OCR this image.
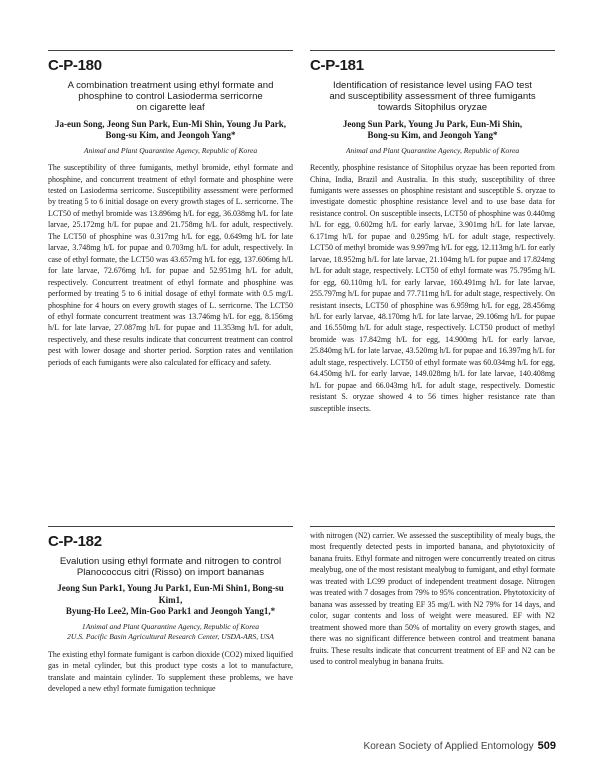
C-P-180
A combination treatment using ethyl formate and
phosphine to control Lasioderma serricorne
on cigarette leaf
Ja-eun Song, Jeong Sun Park, Eun-Mi Shin, Young Ju Park,
Bong-su Kim, and Jeongoh Yang*
Animal and Plant Quarantine Agency, Republic of Korea

The susceptibility of three fumigants, methyl bromide, ethyl formate and phosphine, and concurrent treatment of ethyl formate and phosphine were tested on Lasioderma serricorne. Susceptibility assessment were performed by treating 5 to 6 initial dosage on every growth stages of L. serricorne. The LCT50 of methyl bromide was 13.896mg h/L for egg, 36.038mg h/L for late larvae, 25.172mg h/L for pupae and 21.758mg h/L for adult, respectively. The LCT50 of phosphine was 0.317mg h/L for egg, 0.649mg h/L for late larvae, 3.748mg h/L for pupae and 0.703mg h/L for adult, respectively. In case of ethyl formate, the LCT50 was 43.657mg h/L for egg, 137.606mg h/L for late larvae, 72.676mg h/L for pupae and 52.951mg h/L for adult, respectively. Concurrent treatment of ethyl formate and phosphine was performed by treating 5 to 6 initial dosage of ethyl formate with 0.5 mg/L phosphine for 4 hours on every growth stages of L. serricorne. The LCT50 of ethyl formate concurrent treatment was 13.746mg h/L for egg, 8.156mg h/L for late larvae, 27.087mg h/L for pupae and 11.353mg h/L for adult, respectively, and these results indicate that concurrent treatment can control pest with lower dosage and shorter period. Sorption rates and ventilation periods of each fumigants were also calculated for efficacy and safety.

C-P-181
Identification of resistance level using FAO test
and susceptibility assessment of three fumigants
towards Sitophilus oryzae
Jeong Sun Park, Young Ju Park, Eun-Mi Shin,
Bong-su Kim, and Jeongoh Yang*
Animal and Plant Quarantine Agency, Republic of Korea

Recently, phosphine resistance of Sitophilus oryzae has been reported from China, India, Brazil and Australia. In this study, susceptibility of three fumigants were assesses on phosphine resistant and susceptible S. oryzae to investigate domestic phosphine resistance level and to use base data for resistance control. On susceptible insects, LCT50 of phosphine was 0.440mg h/L for egg, 0.602mg h/L for early larvae, 3.901mg h/L for late larvae, 6.171mg h/L for pupae and 0.295mg h/L for adult stage, respectively. LCT50 of methyl bromide was 9.997mg h/L for egg, 12.113mg h/L for early larvae, 18.952mg h/L for late larvae, 21.104mg h/L for pupae and 17.824mg h/L for adult stage, respectively. LCT50 of ethyl formate was 75.795mg h/L for egg, 60.110mg h/L for early larvae, 160.491mg h/L for late larvae, 255.797mg h/L for pupae and 77.711mg h/L for adult stage, respectively. On resistant insects, LCT50 of phosphine was 6.959mg h/L for egg, 28.456mg h/L for early larvae, 48.170mg h/L for late larvae, 29.106mg h/L for pupae and 16.550mg h/L for adult stage, respectively. LCT50 product of methyl bromide was 17.842mg h/L for egg, 14.900mg h/L for early larvae, 25.840mg h/L for late larvae, 43.520mg h/L for pupae and 16.397mg h/L for adult stage, respectively. LCT50 of ethyl formate was 60.034mg h/L for egg, 64.450mg h/L for early larvae, 149.028mg h/L for late larvae, 140.408mg h/L for pupae and 66.043mg h/L for adult stage, respectively. Domestic resistant S. oryzae showed 4 to 56 times higher resistance rate than susceptible insects.

C-P-182
Evalution using ethyl formate and nitrogen to control
Planococcus citri (Risso) on import bananas
Jeong Sun Park1, Young Ju Park1, Eun-Mi Shin1, Bong-su Kim1,
Byung-Ho Lee2, Min-Goo Park1 and Jeongoh Yang1,*
1Animal and Plant Quarantine Agency, Republic of Korea
2U.S. Pacific Basin Agricultural Research Center, USDA-ARS, USA

The existing ethyl formate fumigant is carbon dioxide (CO2) mixed liquified gas in metal cylinder, but this product type costs a lot to manufacture, translate and maintain cylinder. To supplement these problems, we have developed a new ethyl formate fumigation technique

with nitrogen (N2) carrier. We assessed the susceptibility of mealy bugs, the most frequently detected pests in imported banana, and phytotoxicity of banana fruits. Ethyl formate and nitrogen were concurrently treated on citrus mealybug, one of the most resistant mealybug to fumigant, and ethyl formate was treated with LC99 product of independent treatment dosage. Nitrogen was treated with 7 dosages from 79% to 95% concentration. Phytotoxicity of banana was assessed by treating EF 35 mg/L with N2 79% for 14 days, and color, sugar contents and loss of weight were measured. EF with N2 treatment showed more than 50% of mortality on every growth stages, and there was no significant difference between control and treatment banana fruits. These results indicate that concurrent treatment of EF and N2 can be used to control mealybug in banana fruits.

Korean Society of Applied Entomology 509
